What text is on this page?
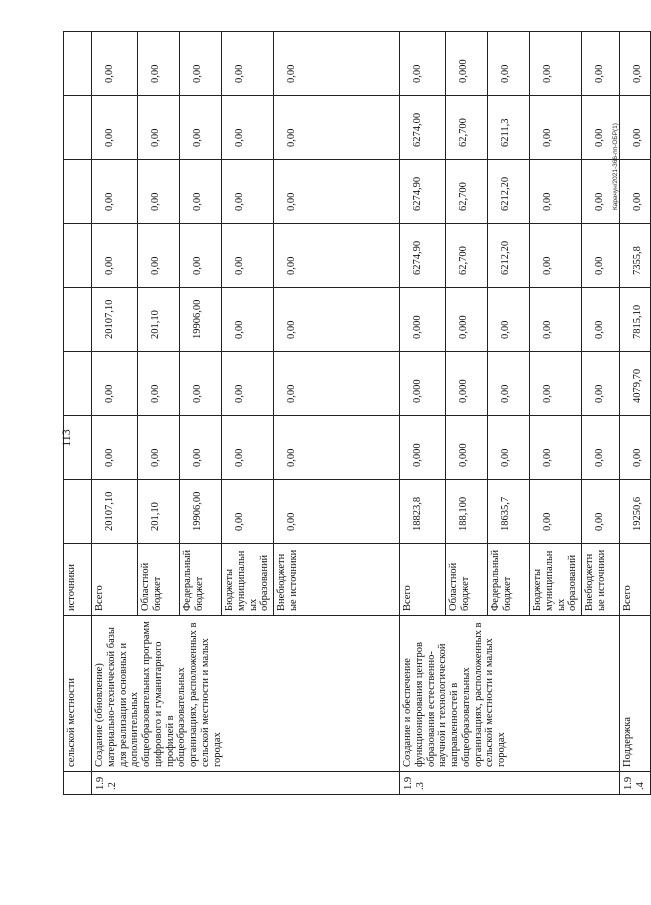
	сельской местности	источники								
1.9.2	Создание (обновление) материально-технической базы для реализации основных и дополнительных общеобразовательных программ цифрового и гуманитарного профилей в общеобразовательных организациях, расположенных в сельской местности и малых городах	Всего	20107,10	0,00	0,00	20107,10	0,00	0,00	0,00	0,00
		Областной бюджет	201,10	0,00	0,00	201,10	0,00	0,00	0,00	0,00
		Федеральный бюджет	19906,00	0,00	0,00	19906,00	0,00	0,00	0,00	0,00
		Бюджеты муниципальных образований	0,00	0,00	0,00	0,00	0,00	0,00	0,00	0,00
		Внебюджетные источники	0,00	0,00	0,00	0,00	0,00	0,00	0,00	0,00
1.9.3	Создание и обеспечение функционирования центров образования естественно-научной и технологической направленностей в общеобразовательных организациях, расположенных в сельской местности и малых городах	Всего	18823,8	0,000	0,000	0,000	6274,90	6274,90	6274,00	0,00
		Областной бюджет	188,100	0,000	0,000	0,000	62,700	62,700	62,700	0,000
		Федеральный бюджет	18635,7	0,00	0,00	0,00	6212,20	6212,20	6211,3	0,00
		Бюджеты муниципальных образований	0,00	0,00	0,00	0,00	0,00	0,00	0,00	0,00
		Внебюджетные источники	0,00	0,00	0,00	0,00	0,00	0,00	0,00	0,00
1.9.4	Поддержка	Всего	19250,6	0,00	4079,70	7815,10	7355,8	0,00	0,00	0,00
113
Карачун/2021-366-пп-ОБР(1)
